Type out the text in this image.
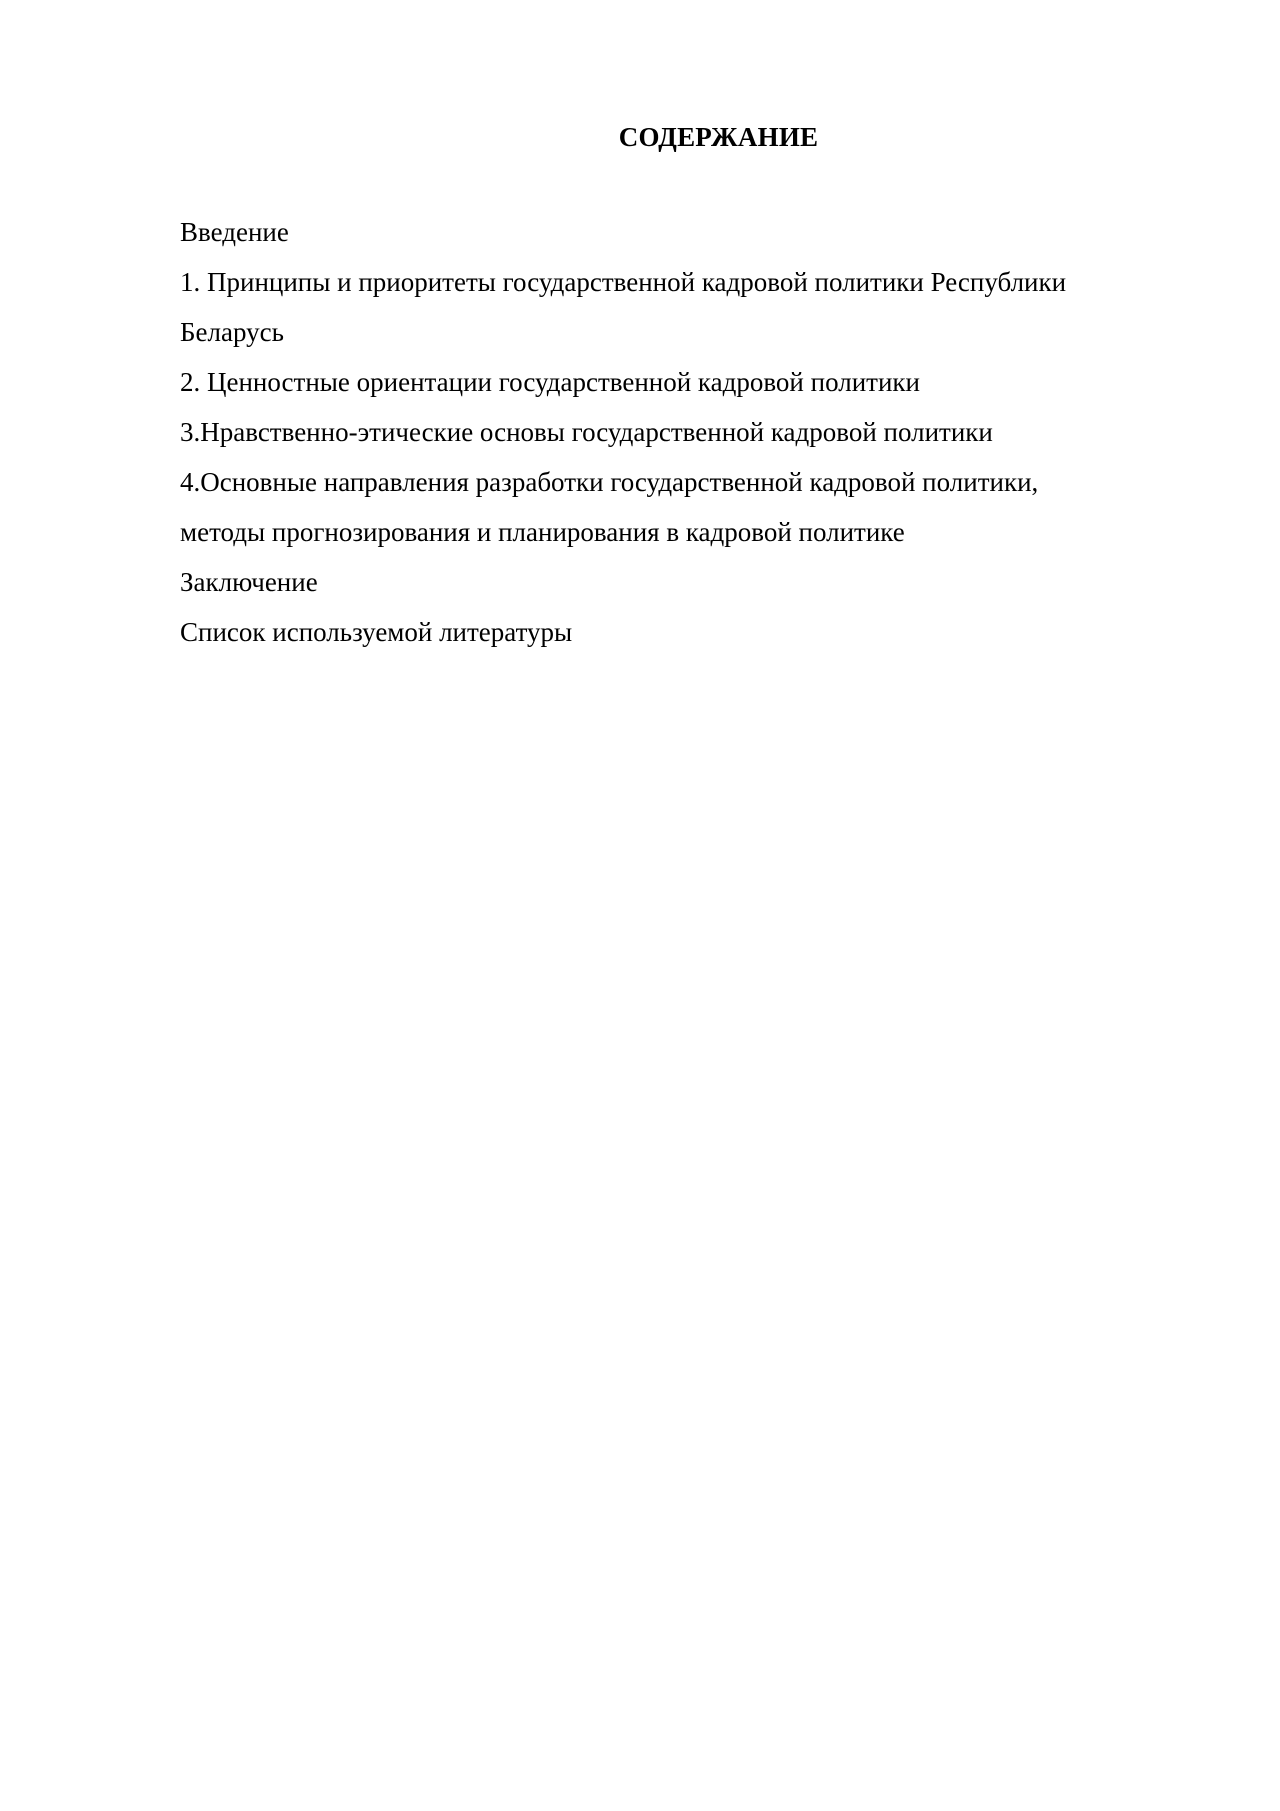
СОДЕРЖАНИЕ
Введение
1. Принципы и приоритеты государственной кадровой политики Республики
Беларусь
2. Ценностные ориентации государственной кадровой политики
3.Нравственно-этические основы государственной кадровой политики
4.Основные направления разработки государственной кадровой политики,
методы прогнозирования и планирования в кадровой политике
Заключение
Список используемой литературы
